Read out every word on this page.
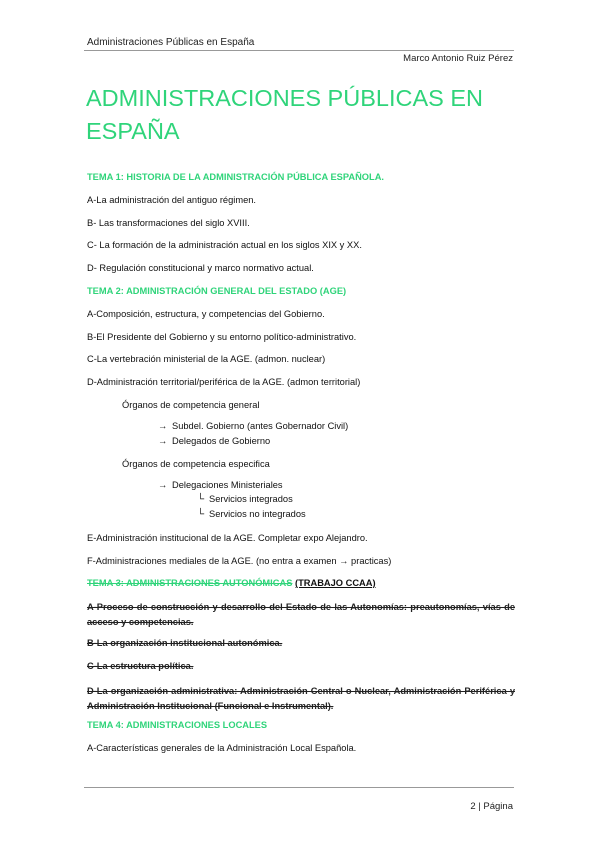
Administraciones Públicas en España
Marco Antonio Ruiz Pérez
ADMINISTRACIONES PÚBLICAS EN ESPAÑA
TEMA 1: HISTORIA DE LA ADMINISTRACIÓN PÚBLICA ESPAÑOLA.
A-La administración del antiguo régimen.
B- Las transformaciones del siglo XVIII.
C- La formación de la administración actual en los siglos XIX y XX.
D- Regulación constitucional y marco normativo actual.
TEMA 2: ADMINISTRACIÓN GENERAL DEL ESTADO (AGE)
A-Composición, estructura, y competencias del Gobierno.
B-El Presidente del Gobierno y su entorno político-administrativo.
C-La vertebración ministerial de la AGE. (admon. nuclear)
D-Administración territorial/periférica de la AGE. (admon territorial)
Órganos de competencia general
→ Subdel. Gobierno (antes Gobernador Civil)
→ Delegados de Gobierno
Órganos de competencia especifica
→ Delegaciones Ministeriales
└ Servicios integrados
└ Servicios no integrados
E-Administración institucional de la AGE. Completar expo Alejandro.
F-Administraciones mediales de la AGE. (no entra a examen → practicas)
TEMA 3: ADMINISTRACIONES AUTONÓMICAS (TRABAJO CCAA)
A-Proceso de construcción y desarrollo del Estado de las Autonomías: preautonomías, vías de acceso y competencias.
B-La organización institucional autonómica.
C-La estructura política.
D-La organización administrativa: Administración Central o Nuclear, Administración Periférica y Administración Institucional (Funcional e Instrumental).
TEMA 4: ADMINISTRACIONES LOCALES
A-Características generales de la Administración Local Española.
2 | Página
